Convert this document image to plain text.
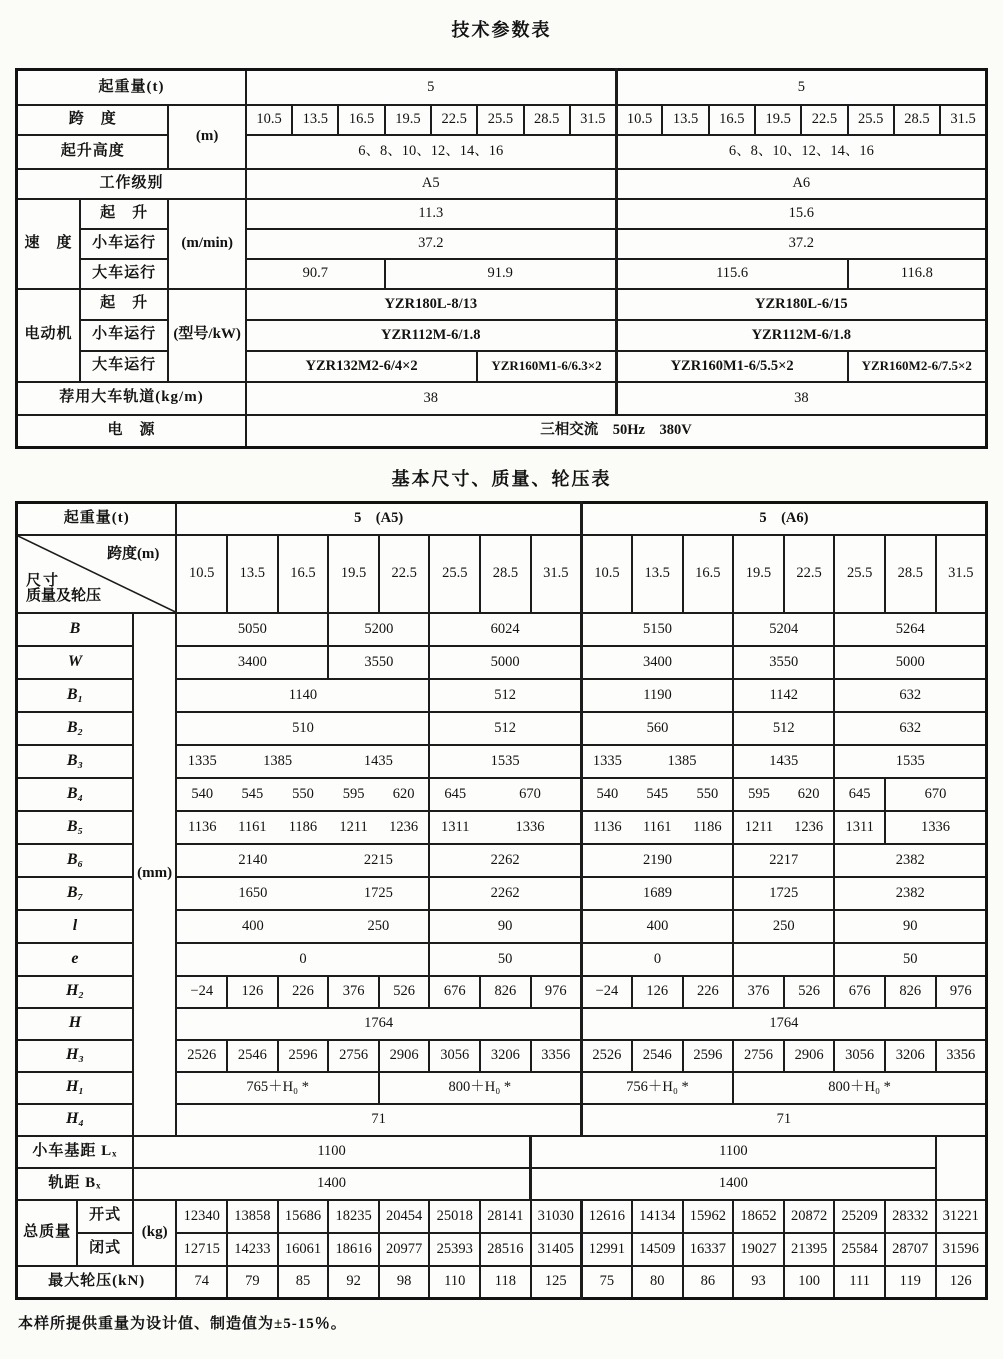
技术参数表
起重量(t)			5								5							
跨　度		(m)	10.5	13.5	16.5	19.5	22.5	25.5	28.5	31.5	10.5	13.5	16.5	19.5	22.5	25.5	28.5	31.5
起升高度			6、8、10、12、14、16								6、8、10、12、14、16							
工作级别			A5								A6							
速　度	起　升	(m/min)	11.3								15.6							
	小车运行		37.2								37.2							
	大车运行		90.7			91.9					115.6					116.8		
电动机	起　升	(型号/kW)	YZR180L-8/13								YZR180L-6/15							
	小车运行		YZR112M-6/1.8								YZR112M-6/1.8							
	大车运行		YZR132M2-6/4×2					YZR160M1-6/6.3×2			YZR160M1-6/5.5×2					YZR160M2-6/7.5×2		
荐用大车轨道(kg/m)			38								38							
电　源			三相交流　50Hz　380V															
基本尺寸、质量、轮压表
起重量(t)			5　(A5)								5　(A6)							

跨度(m)
尺寸
质量及轮压			10.5	13.5	16.5	19.5	22.5	25.5	28.5	31.5	10.5	13.5	16.5	19.5	22.5	25.5	28.5	31.5
B		(mm)	5050			5200		6024			5150			5204		5264		
W			3400			3550		5000			3400			3550		5000		
B₁			1140					512			1190			1142		632		
B₂			510					512			560			512		632		
B₃			1335	1385		1435		1535			1335	1385		1435		1535		
B₄			540	545	550	595	620	645	670		540	545	550	595	620	645	670	
B₅			1136	1161	1186	1211	1236	1311	1336		1136	1161	1186	1211	1236	1311	1336	
B₆			2140			2215		2262			2190			2217		2382		
B₇			1650			1725		2262			1689			1725		2382		
l			400			250		90			400			250		90		
e			0					50			0					50		
H₂			−24	126	226	376	526	676	826	976	−24	126	226	376	526	676	826	976
H			1764								1764							
H₃			2526	2546	2596	2756	2906	3056	3206	3356	2526	2546	2596	2756	2906	3056	3206	3356
H₁			765＋H₀ *				800＋H₀ *				756＋H₀ *			800＋H₀ *				
H₄			71								71							
小车基距 Lₓ		1100								1100								
轨距 Bₓ		1400								1400								
总质量	开式	(kg)	12340	13858	15686	18235	20454	25018	28141	31030	12616	14134	15962	18652	20872	25209	28332	31221
	闭式		12715	14233	16061	18616	20977	25393	28516	31405	12991	14509	16337	19027	21395	25584	28707	31596
最大轮压(kN)			74	79	85	92	98	110	118	125	75	80	86	93	100	111	119	126
本样所提供重量为设计值、制造值为±5-15％。
